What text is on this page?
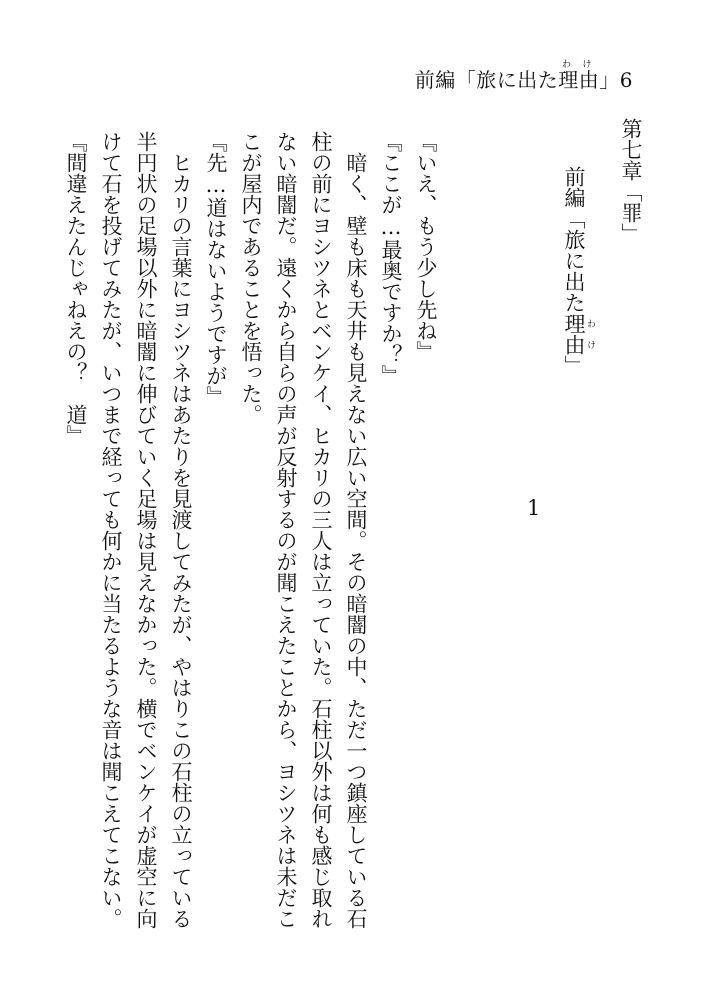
前編「旅に出た理由わけ」6
第七章「罪」
前編「旅に出た理由 わけ」
1
『いえ、もう少し先ね』
『ここが…最奥ですか？』
　暗く、壁も床も天井も見えない広い空間。その暗闇の中、ただ一つ鎮座している石
柱の前にヨシツネとベンケイ、ヒカリの三人は立っていた。石柱以外は何も感じ取れ
ない暗闇だ。遠くから自らの声が反射するのが聞こえたことから、ヨシツネは未だこ
こが屋内であることを悟った。
『先…道はないようですが』
　ヒカリの言葉にヨシツネはあたりを見渡してみたが、やはりこの石柱の立っている
半円状の足場以外に暗闇に伸びていく足場は見えなかった。横でベンケイが虚空に向
けて石を投げてみたが、いつまで経っても何かに当たるような音は聞こえてこない。
『間違えたんじゃねえの？　道』
